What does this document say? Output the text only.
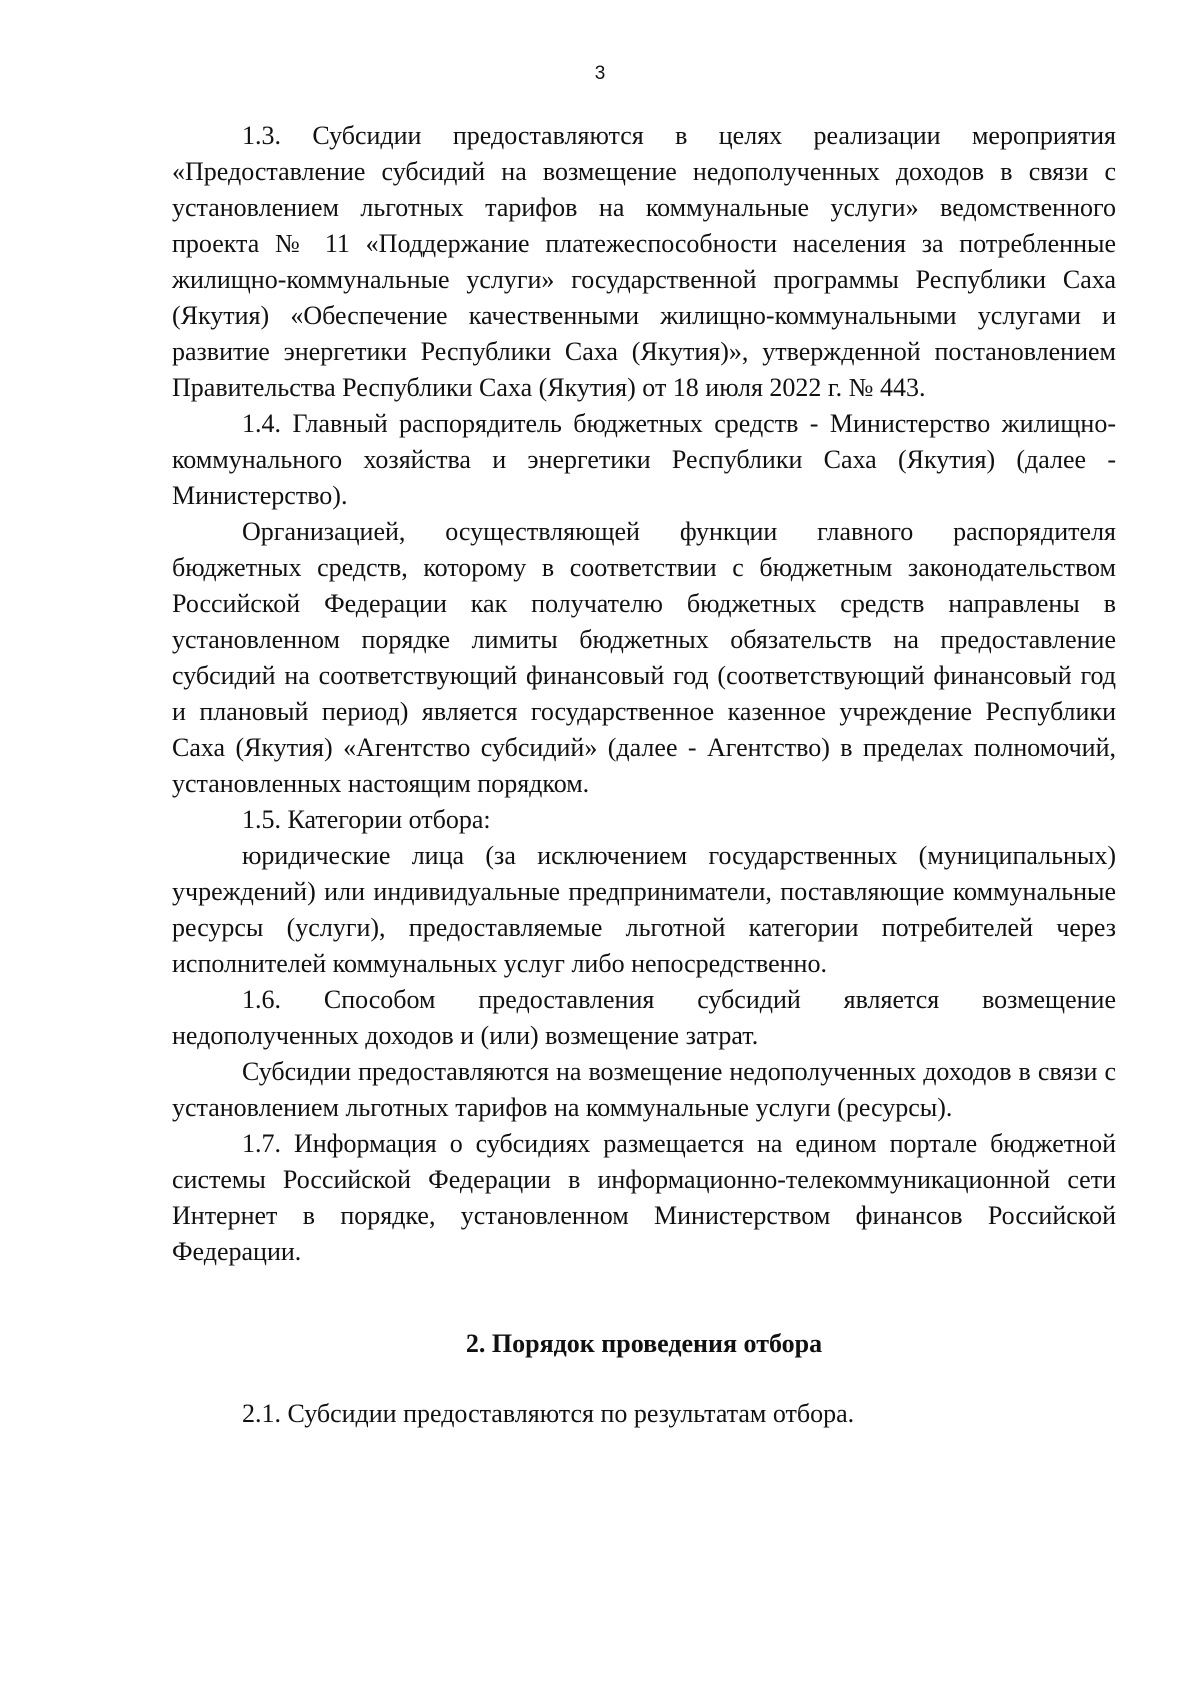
3

1.3. Субсидии предоставляются в целях реализации мероприятия «Предоставление субсидий на возмещение недополученных доходов в связи с установлением льготных тарифов на коммунальные услуги» ведомственного проекта № 11 «Поддержание платежеспособности населения за потребленные жилищно-коммунальные услуги» государственной программы Республики Саха (Якутия) «Обеспечение качественными жилищно-коммунальными услугами и развитие энергетики Республики Саха (Якутия)», утвержденной постановлением Правительства Республики Саха (Якутия) от 18 июля 2022 г. № 443.

1.4. Главный распорядитель бюджетных средств - Министерство жилищно-коммунального хозяйства и энергетики Республики Саха (Якутия) (далее - Министерство).

Организацией, осуществляющей функции главного распорядителя бюджетных средств, которому в соответствии с бюджетным законодательством Российской Федерации как получателю бюджетных средств направлены в установленном порядке лимиты бюджетных обязательств на предоставление субсидий на соответствующий финансовый год (соответствующий финансовый год и плановый период) является государственное казенное учреждение Республики Саха (Якутия) «Агентство субсидий» (далее - Агентство) в пределах полномочий, установленных настоящим порядком.

1.5. Категории отбора:

юридические лица (за исключением государственных (муниципальных) учреждений) или индивидуальные предприниматели, поставляющие коммунальные ресурсы (услуги), предоставляемые льготной категории потребителей через исполнителей коммунальных услуг либо непосредственно.

1.6. Способом предоставления субсидий является возмещение недополученных доходов и (или) возмещение затрат.

Субсидии предоставляются на возмещение недополученных доходов в связи с установлением льготных тарифов на коммунальные услуги (ресурсы).

1.7. Информация о субсидиях размещается на едином портале бюджетной системы Российской Федерации в информационно-телекоммуникационной сети Интернет в порядке, установленном Министерством финансов Российской Федерации.

2. Порядок проведения отбора

2.1. Субсидии предоставляются по результатам отбора.
